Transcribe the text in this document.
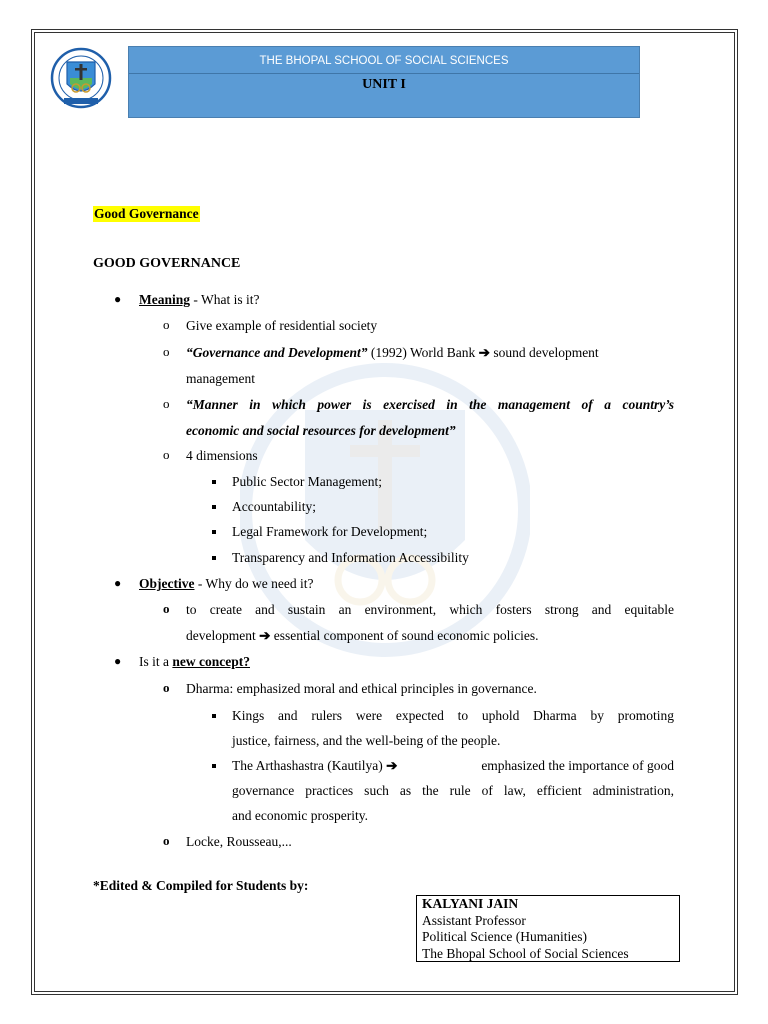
THE BHOPAL SCHOOL OF SOCIAL SCIENCES
UNIT I
Good Governance
GOOD GOVERNANCE
● Meaning - What is it?
o Give example of residential society
o “Governance and Development” (1992) World Bank ➔ sound development
management
o “Manner in which power is exercised in the management of a country’s
economic and social resources for development”
o 4 dimensions
Public Sector Management;
Accountability;
Legal Framework for Development;
Transparency and Information Accessibility
● Objective - Why do we need it?
o to create and sustain an environment, which fosters strong and equitable
development ➔ essential component of sound economic policies.
● Is it a new concept?
o Dharma: emphasized moral and ethical principles in governance.
Kings and rulers were expected to uphold Dharma by promoting
justice, fairness, and the well-being of the people.
The Arthashastra (Kautilya) ➔	emphasized the importance of good
governance practices such as the rule of law, efficient administration,
and economic prosperity.
o Locke, Rousseau,...
*Edited & Compiled for Students by:
KALYANI JAIN
Assistant Professor
Political Science (Humanities)
The Bhopal School of Social Sciences
